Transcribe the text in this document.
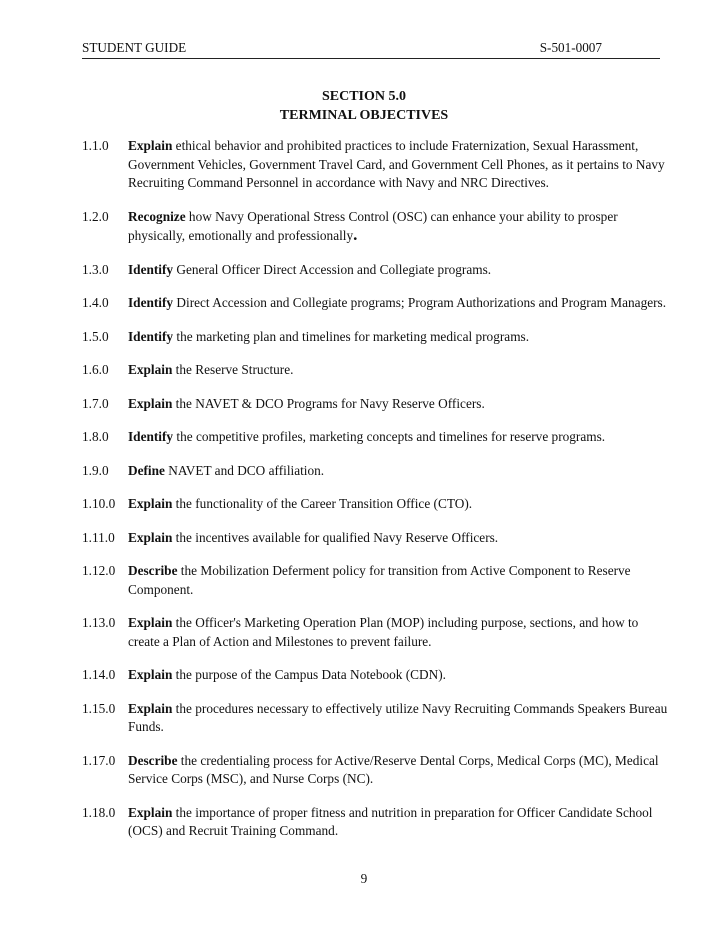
STUDENT GUIDE	S-501-0007
SECTION 5.0
TERMINAL OBJECTIVES
1.1.0 Explain ethical behavior and prohibited practices to include Fraternization, Sexual Harassment, Government Vehicles, Government Travel Card, and Government Cell Phones, as it pertains to Navy Recruiting Command Personnel in accordance with Navy and NRC Directives.
1.2.0 Recognize how Navy Operational Stress Control (OSC) can enhance your ability to prosper physically, emotionally and professionally.
1.3.0 Identify General Officer Direct Accession and Collegiate programs.
1.4.0 Identify Direct Accession and Collegiate programs; Program Authorizations and Program Managers.
1.5.0 Identify the marketing plan and timelines for marketing medical programs.
1.6.0 Explain the Reserve Structure.
1.7.0 Explain the NAVET & DCO Programs for Navy Reserve Officers.
1.8.0 Identify the competitive profiles, marketing concepts and timelines for reserve programs.
1.9.0 Define NAVET and DCO affiliation.
1.10.0 Explain the functionality of the Career Transition Office (CTO).
1.11.0 Explain the incentives available for qualified Navy Reserve Officers.
1.12.0 Describe the Mobilization Deferment policy for transition from Active Component to Reserve Component.
1.13.0 Explain the Officer's Marketing Operation Plan (MOP) including purpose, sections, and how to create a Plan of Action and Milestones to prevent failure.
1.14.0 Explain the purpose of the Campus Data Notebook (CDN).
1.15.0 Explain the procedures necessary to effectively utilize Navy Recruiting Commands Speakers Bureau Funds.
1.17.0 Describe the credentialing process for Active/Reserve Dental Corps, Medical Corps (MC), Medical Service Corps (MSC), and Nurse Corps (NC).
1.18.0 Explain the importance of proper fitness and nutrition in preparation for Officer Candidate School (OCS) and Recruit Training Command.
9
